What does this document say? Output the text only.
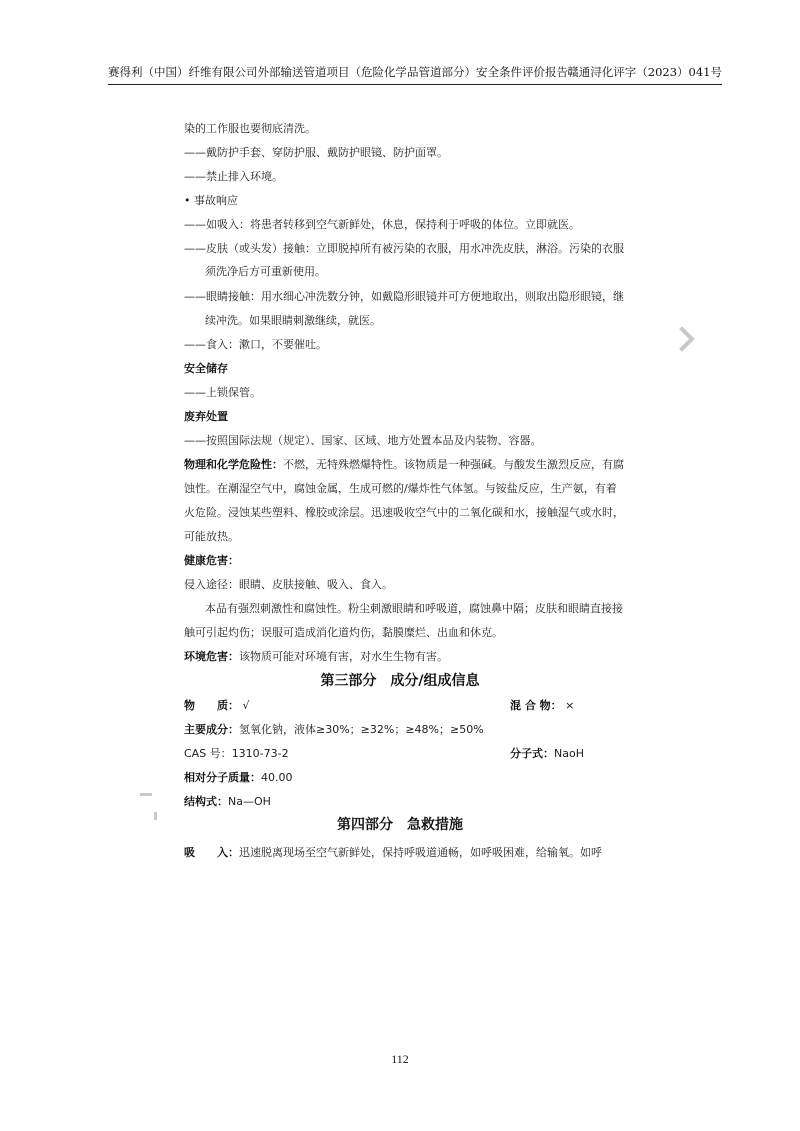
赛得利（中国）纤维有限公司外部输送管道项目（危险化学品管道部分）安全条件评价报告 赣通浔化评字（2023）041号
染的工作服也要彻底清洗。
——戴防护手套、穿防护服、戴防护眼镜、防护面罩。
——禁止排入环境。
• 事故响应
——如吸入：将患者转移到空气新鲜处，休息，保持利于呼吸的体位。立即就医。
——皮肤（或头发）接触：立即脱掉所有被污染的衣服，用水冲洗皮肤，淋浴。污染的衣服
须洗净后方可重新使用。
——眼睛接触：用水细心冲洗数分钟，如戴隐形眼镜并可方便地取出，则取出隐形眼镜，继
续冲洗。如果眼睛刺激继续，就医。
——食入：漱口，不要催吐。
安全储存
——上锁保管。
废弃处置
——按照国际法规（规定）、国家、区域、地方处置本品及内装物、容器。
物理和化学危险性：不燃，无特殊燃爆特性。该物质是一种强碱。与酸发生激烈反应，有腐
蚀性。在潮湿空气中，腐蚀金属，生成可燃的/爆炸性气体氢。与铵盐反应，生产氨，有着
火危险。浸蚀某些塑料、橡胶或涂层。迅速吸收空气中的二氧化碳和水，接触湿气或水时，
可能放热。
健康危害：
侵入途径：眼睛、皮肤接触、吸入、食入。
本品有强烈刺激性和腐蚀性。粉尘刺激眼睛和呼吸道，腐蚀鼻中隔；皮肤和眼睛直接接
触可引起灼伤；误服可造成消化道灼伤，黏膜糜烂、出血和休克。
环境危害：该物质可能对环境有害，对水生生物有害。
第三部分　成分/组成信息
物　　质： √	混 合 物： ×
主要成分：氢氧化钠，液体≥30%；≥32%；≥48%；≥50%
CAS 号：1310-73-2	分子式：NaoH
相对分子质量：40.00
结构式：Na—OH
第四部分　急救措施
吸　　入：迅速脱离现场至空气新鲜处，保持呼吸道通畅，如呼吸困难，给输氧。如呼
112
